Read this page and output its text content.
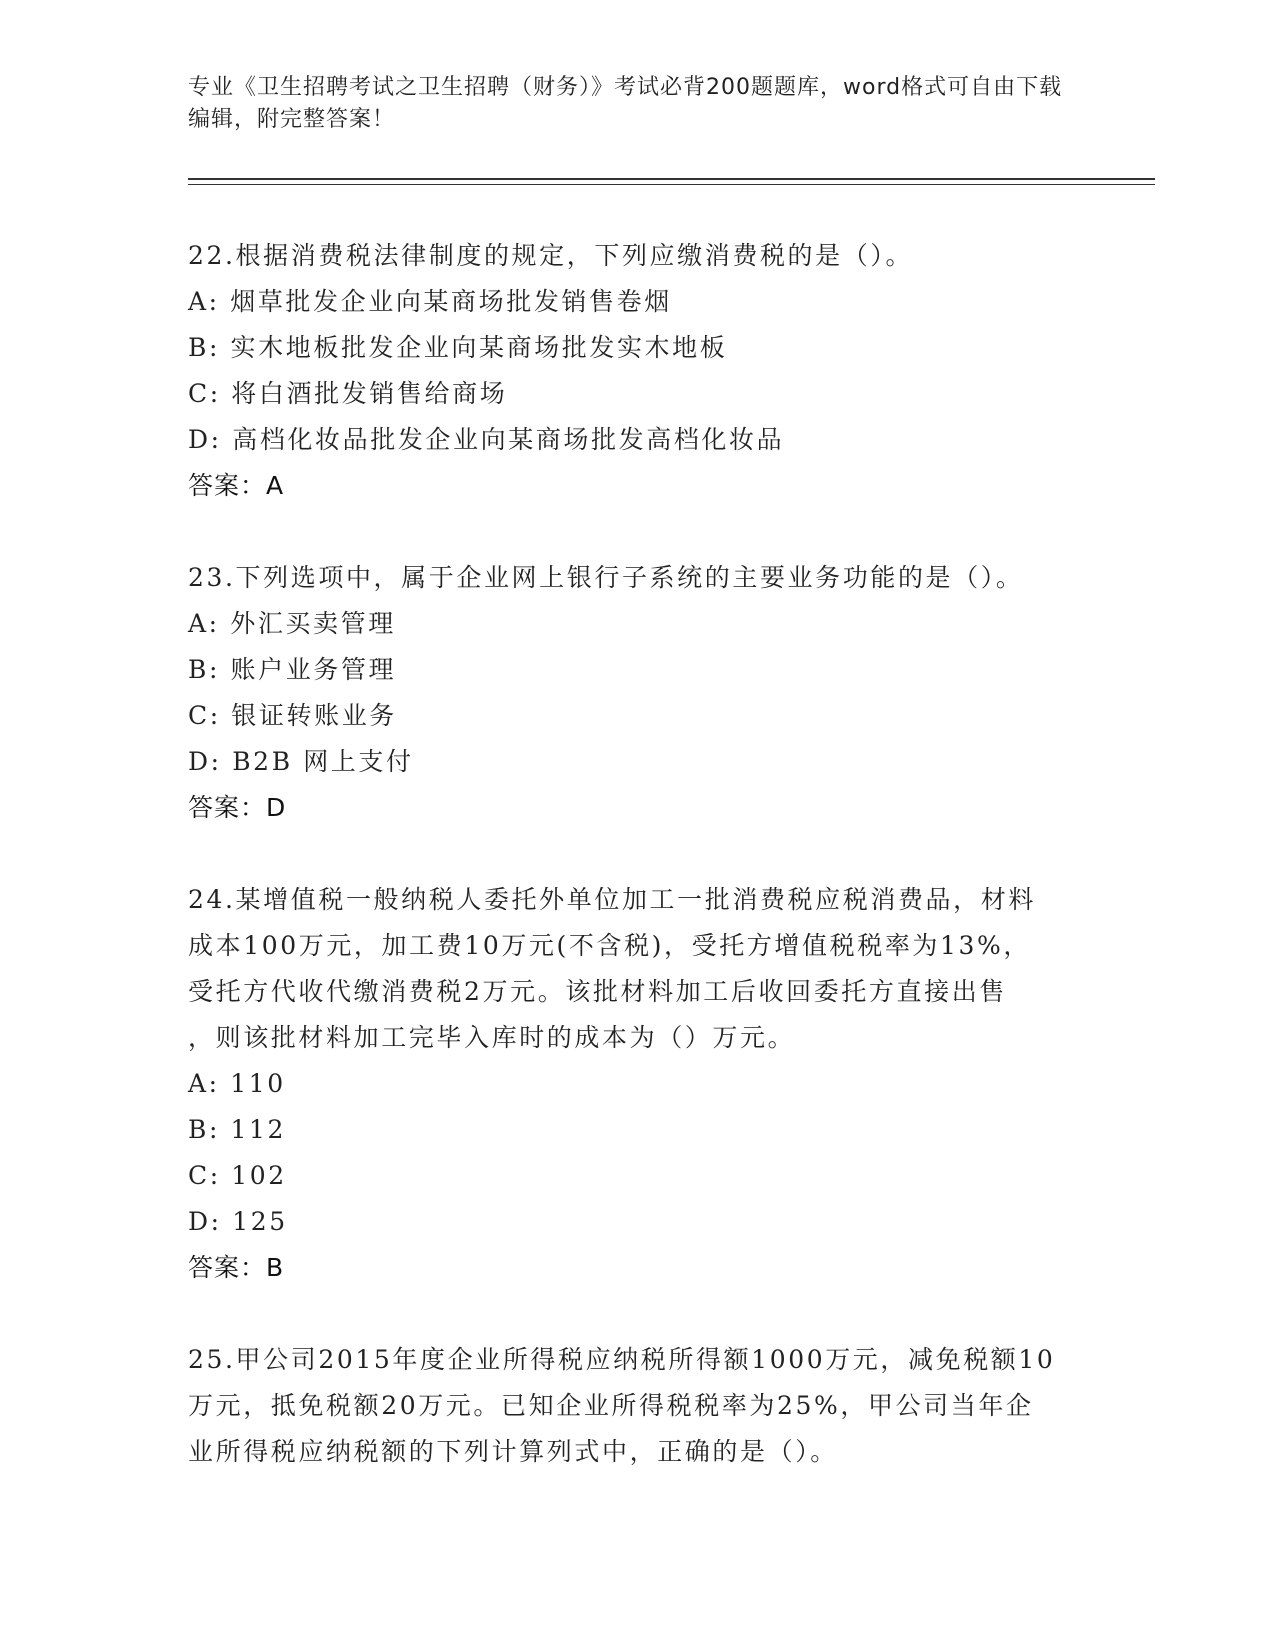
专业《卫生招聘考试之卫生招聘（财务）》考试必背200题题库，word格式可自由下载编辑，附完整答案！
22.根据消费税法律制度的规定，下列应缴消费税的是（）。
A: 烟草批发企业向某商场批发销售卷烟
B: 实木地板批发企业向某商场批发实木地板
C: 将白酒批发销售给商场
D: 高档化妆品批发企业向某商场批发高档化妆品
答案：A
23.下列选项中，属于企业网上银行子系统的主要业务功能的是（）。
A: 外汇买卖管理
B: 账户业务管理
C: 银证转账业务
D: B2B 网上支付
答案：D
24.某增值税一般纳税人委托外单位加工一批消费税应税消费品，材料
成本100万元，加工费10万元(不含税)，受托方增值税税率为13%，
受托方代收代缴消费税2万元。该批材料加工后收回委托方直接出售
，则该批材料加工完毕入库时的成本为（）万元。
A: 110
B: 112
C: 102
D: 125
答案：B
25.甲公司2015年度企业所得税应纳税所得额1000万元，减免税额10
万元，抵免税额20万元。已知企业所得税税率为25%，甲公司当年企
业所得税应纳税额的下列计算列式中，正确的是（）。
